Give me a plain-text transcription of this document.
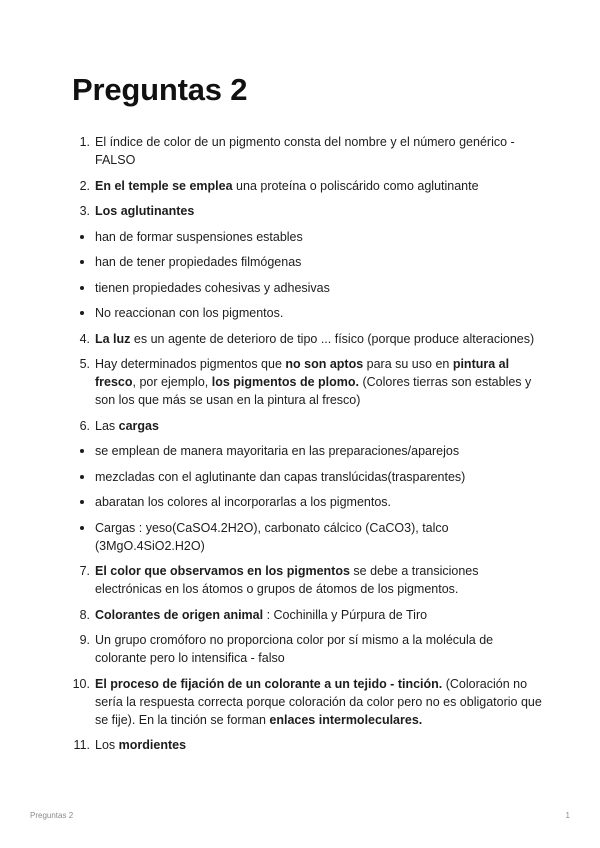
Preguntas 2
1. El índice de color de un pigmento consta del nombre y el número genérico - FALSO
2. En el temple se emplea una proteína o poliscárido como aglutinante
3. Los aglutinantes
han de formar suspensiones estables
han de tener propiedades filmógenas
tienen propiedades cohesivas y adhesivas
No reaccionan con los pigmentos.
4. La luz es un agente de deterioro de tipo ... físico (porque produce alteraciones)
5. Hay determinados pigmentos que no son aptos para su uso en pintura al fresco, por ejemplo, los pigmentos de plomo. (Colores tierras son estables y son los que más se usan en la pintura al fresco)
6. Las cargas
se emplean de manera mayoritaria en las preparaciones/aparejos
mezcladas con el aglutinante dan capas translúcidas(trasparentes)
abaratan los colores al incorporarlas a los pigmentos.
Cargas : yeso(CaSO4.2H2O), carbonato cálcico (CaCO3), talco (3MgO.4SiO2.H2O)
7. El color que observamos en los pigmentos se debe a transiciones electrónicas en los átomos o grupos de átomos de los pigmentos.
8. Colorantes de origen animal : Cochinilla y Púrpura de Tiro
9. Un grupo cromóforo no proporciona color por sí mismo a la molécula de colorante pero lo intensifica - falso
10. El proceso de fijación de un colorante a un tejido - tinción. (Coloración no sería la respuesta correcta porque coloración da color pero no es obligatorio que se fije). En la tinción se forman enlaces intermoleculares.
11. Los mordientes
Preguntas 2	1
